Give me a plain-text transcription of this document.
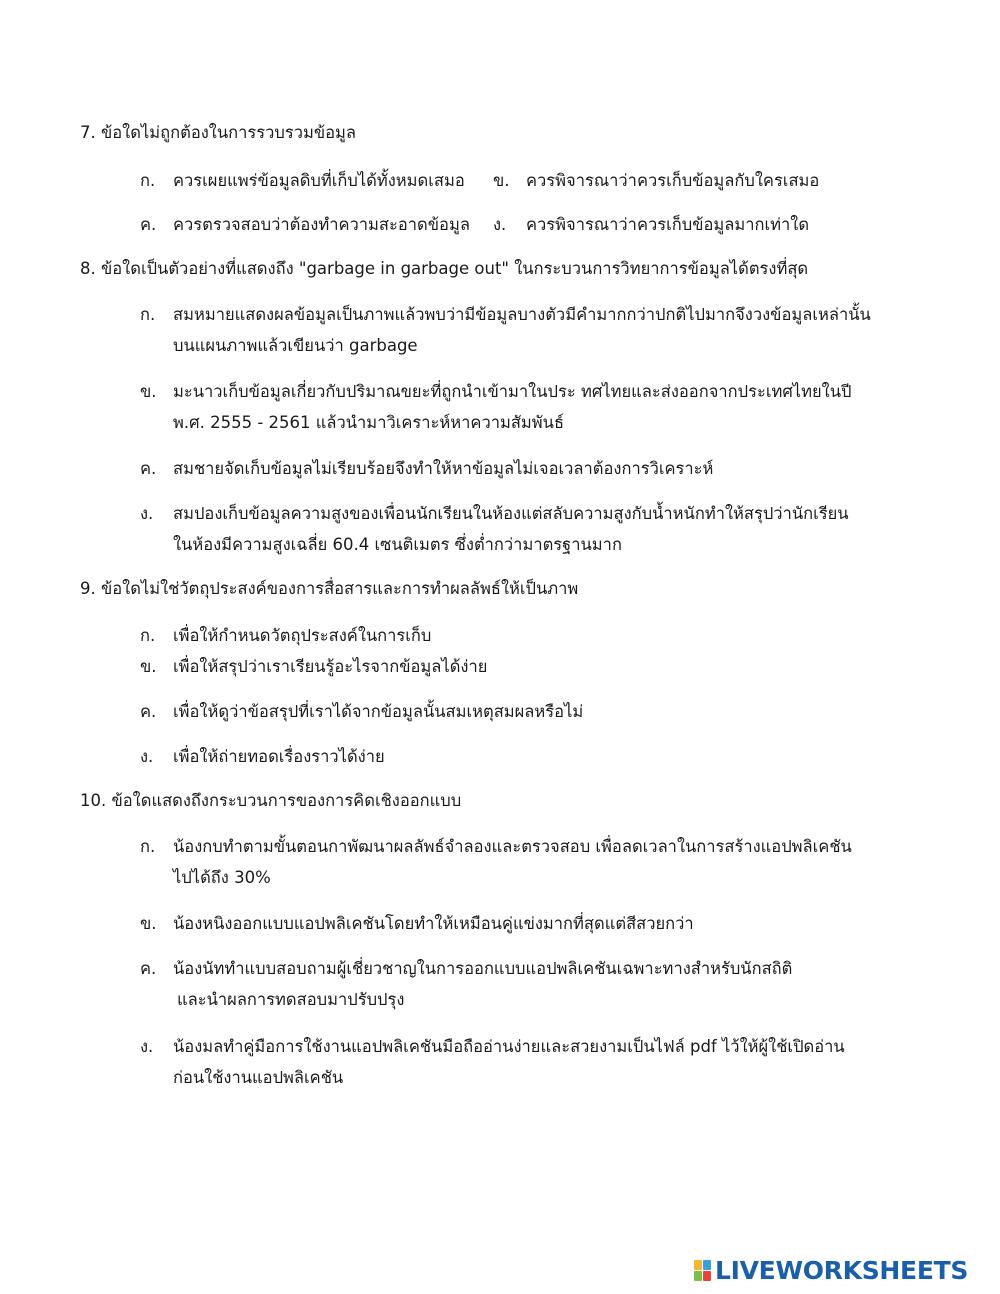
7. ข้อใดไม่ถูกต้องในการรวบรวมข้อมูล
ก. ควรเผยแพร่ข้อมูลดิบที่เก็บได้ทั้งหมดเสมอ ข. ควรพิจารณาว่าควรเก็บข้อมูลกับใครเสมอ
ค. ควรตรวจสอบว่าต้องทำความสะอาดข้อมูล ง. ควรพิจารณาว่าควรเก็บข้อมูลมากเท่าใด
8. ข้อใดเป็นตัวอย่างที่แสดงถึง "garbage in garbage out" ในกระบวนการวิทยาการข้อมูลได้ตรงที่สุด
ก. สมหมายแสดงผลข้อมูลเป็นภาพแล้วพบว่ามีข้อมูลบางตัวมีคำมากกว่าปกติไปมากจึงวงข้อมูลเหล่านั้น
บนแผนภาพแล้วเขียนว่า garbage
ข. มะนาวเก็บข้อมูลเกี่ยวกับปริมาณขยะที่ถูกนำเข้ามาในประ ทศไทยและส่งออกจากประเทศไทยในปี
พ.ศ. 2555 - 2561 แล้วนำมาวิเคราะห์หาความสัมพันธ์
ค. สมชายจัดเก็บข้อมูลไม่เรียบร้อยจึงทำให้หาข้อมูลไม่เจอเวลาต้องการวิเคราะห์
ง. สมปองเก็บข้อมูลความสูงของเพื่อนนักเรียนในห้องแต่สลับความสูงกับน้ำหนักทำให้สรุปว่านักเรียน
ในห้องมีความสูงเฉลี่ย 60.4 เซนติเมตร ซึ่งต่ำกว่ามาตรฐานมาก
9. ข้อใดไม่ใช่วัตถุประสงค์ของการสื่อสารและการทำผลลัพธ์ให้เป็นภาพ
ก. เพื่อให้กำหนดวัตถุประสงค์ในการเก็บ
ข. เพื่อให้สรุปว่าเราเรียนรู้อะไรจากข้อมูลได้ง่าย
ค. เพื่อให้ดูว่าข้อสรุปที่เราได้จากข้อมูลนั้นสมเหตุสมผลหรือไม่
ง. เพื่อให้ถ่ายทอดเรื่องราวได้ง่าย
10. ข้อใดแสดงถึงกระบวนการของการคิดเชิงออกแบบ
ก. น้องกบทำตามขั้นตอนกาพัฒนาผลลัพธ์จำลองและตรวจสอบ เพื่อลดเวลาในการสร้างแอปพลิเคชัน
ไปได้ถึง 30%
ข. น้องหนิงออกแบบแอปพลิเคชันโดยทำให้เหมือนคู่แข่งมากที่สุดแต่สีสวยกว่า
ค. น้องนัททำแบบสอบถามผู้เชี่ยวชาญในการออกแบบแอปพลิเคชันเฉพาะทางสำหรับนักสถิติ
และนำผลการทดสอบมาปรับปรุง
ง. น้องมลทำคู่มือการใช้งานแอปพลิเคชันมือถืออ่านง่ายและสวยงามเป็นไฟล์ pdf ไว้ให้ผู้ใช้เปิดอ่าน
ก่อนใช้งานแอปพลิเคชัน
LIVEWORKSHEETS
